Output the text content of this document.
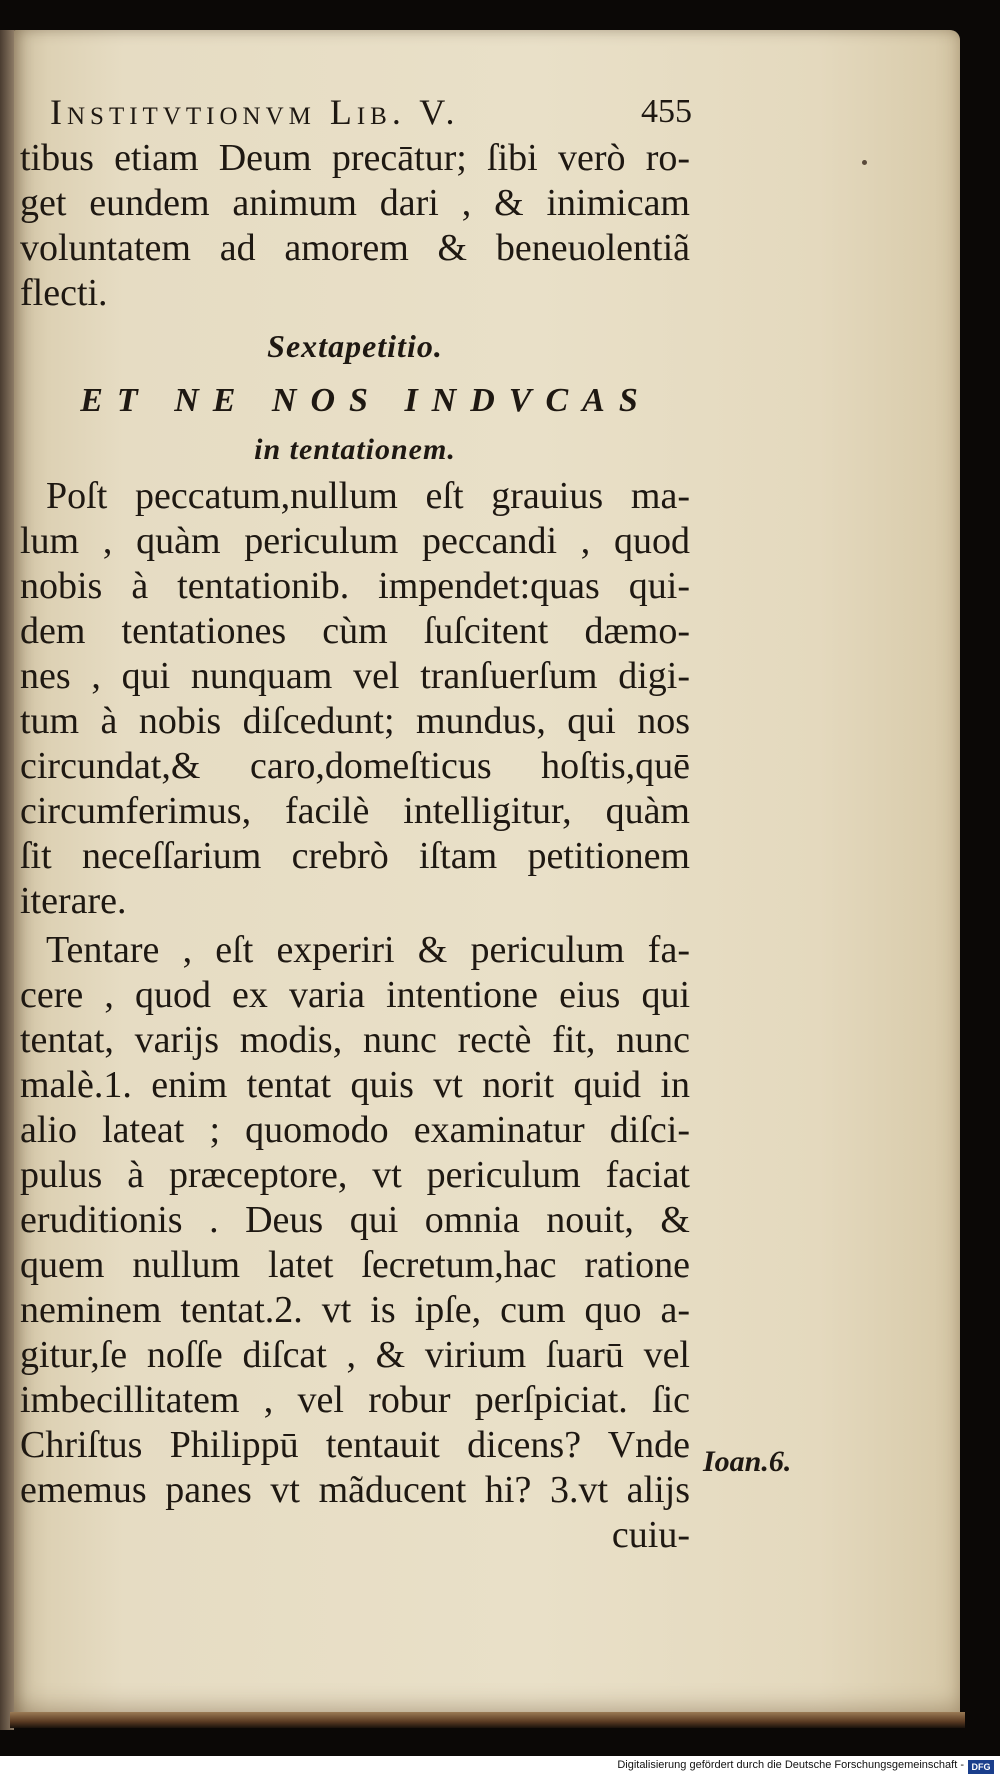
Institvtionvm Lib. V.	455
tibus etiam Deum precātur; ſibi verò ro-
get eundem animum dari , & inimicam
voluntatem ad amorem & beneuolentiã
flecti.
Sextapetitio.
ET NE NOS INDVCAS
in tentationem.
Poſt peccatum,nullum eſt grauius ma-
lum , quàm periculum peccandi , quod
nobis à tentationib. impendet:quas qui-
dem tentationes cùm ſuſcitent dæmo-
nes , qui nunquam vel tranſuerſum digi-
tum à nobis diſcedunt; mundus, qui nos
circundat,& caro,domeſticus hoſtis,quē
circumferimus, facilè intelligitur, quàm
ſit neceſſarium crebrò iſtam petitionem
iterare.
Tentare , eſt experiri & periculum fa-
cere , quod ex varia intentione eius qui
tentat, varijs modis, nunc rectè fit, nunc
malè.1. enim tentat quis vt norit quid in
alio lateat ; quomodo examinatur diſci-
pulus à præceptore, vt periculum faciat
eruditionis . Deus qui omnia nouit, &
quem nullum latet ſecretum,hac ratione
neminem tentat.2. vt is ipſe, cum quo a-
gitur,ſe noſſe diſcat , & virium ſuarū vel
imbecillitatem , vel robur perſpiciat. ſic
Chriſtus Philippū tentauit dicens? Vnde
ememus panes vt mãducent hi? 3.vt alijs
cuiu-
Ioan.6.
Digitalisierung gefördert durch die Deutsche Forschungsgemeinschaft - DFG
